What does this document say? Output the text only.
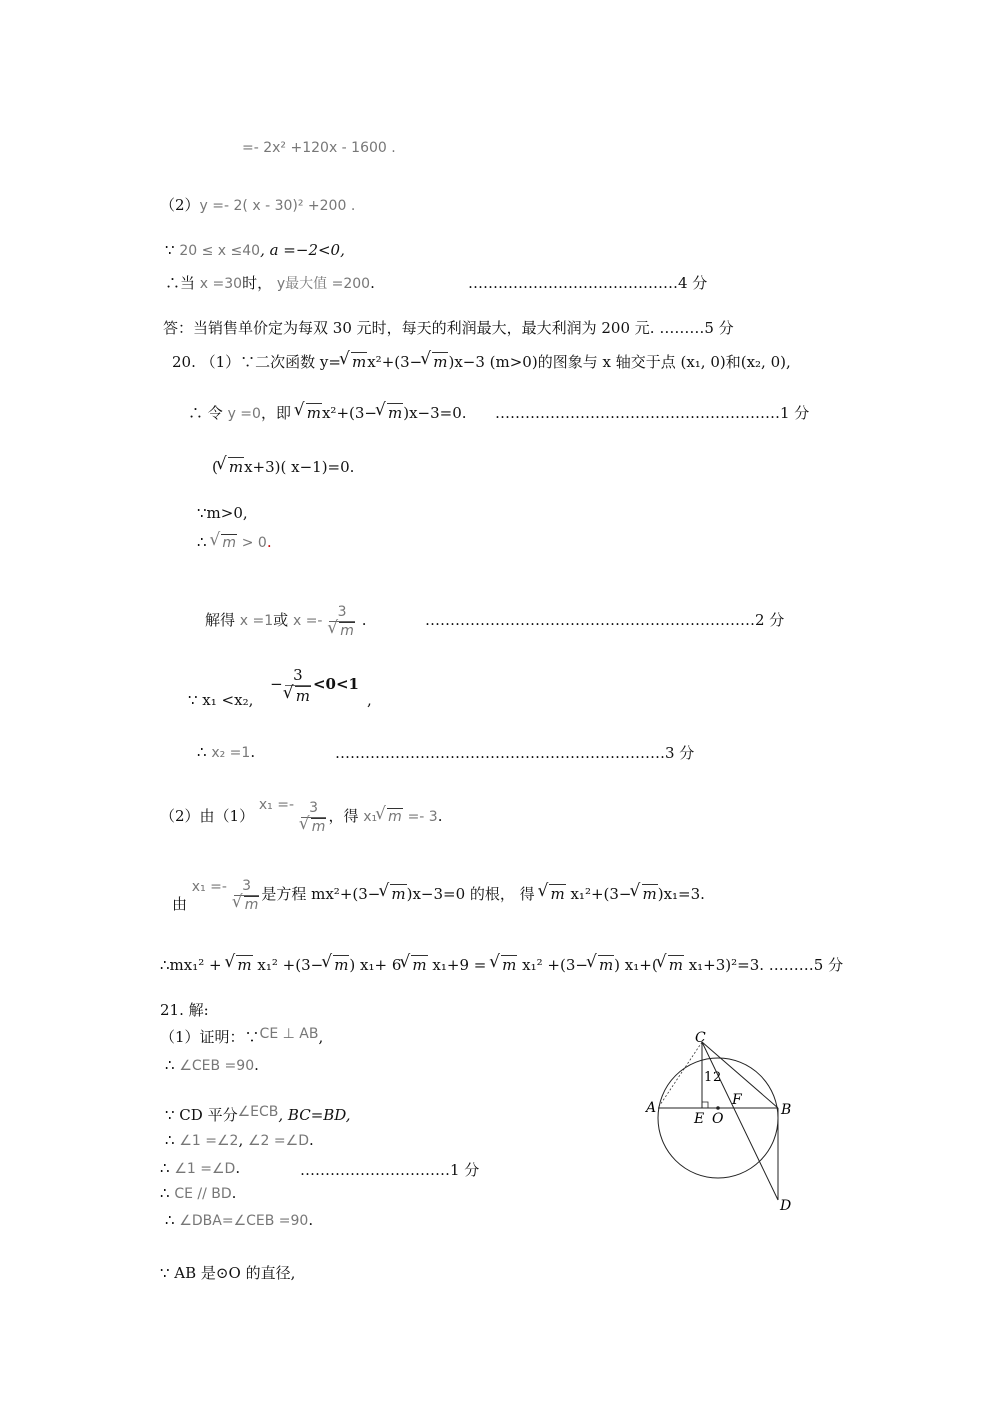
=- 2x² +120x - 1600 .
（2）y =- 2( x - 30)² +200 .
∵ 20 ≤ x ≤40, a =−2<0,
∴当 x =30时， y最大值 =200.	……………………………………4 分
答：当销售单价定为每双 30 元时，每天的利润最大，最大利润为 200 元. ………5 分
20. （1）∵二次函数 y= √ mx²+(3− √ m)x−3 (m>0)的图象与 x 轴交于点 (x₁, 0)和(x₂, 0),
∴ 令 y =0，即 √ mx²+(3− √ m)x−3=0. …………………………………………………1 分
( √ mx+3)( x−1)=0.
∵m>0,
∴ √ m > 0.
解得 x =1或 x =- 3
√ m .	…………………………………………………………2 分
∵ x₁ <x₂, − 3
√ m <0<1,
∴ x₂ =1.	…………………………………………………………3 分
（2）由（1） x₁ =- 3
√ m ，得 x₁ √ m =- 3.
由 x₁ =- 3
√ m 是方程 mx²+(3− √ m)x−3=0 的根， 得 √ m x₁²+(3− √ m)x₁=3.
∴mx₁² + √ m x₁² +(3− √ m) x₁+ 6 √ m x₁+9 = √ m x₁² +(3− √ m) x₁+( √ m x₁+3)²=3. ………5 分
21. 解:
（1）证明：∵CE ⊥ AB,
∴ ∠CEB =90.
∵ CD 平分∠ECB, BC=BD,
∴ ∠1 =∠2, ∠2 =∠D.
∴ ∠1 =∠D.	…………………………1 分
∴ CE // BD.
∴ ∠DBA=∠CEB =90.
∵ AB 是⊙O 的直径,
C
A
E O
F
B
D
1 2
